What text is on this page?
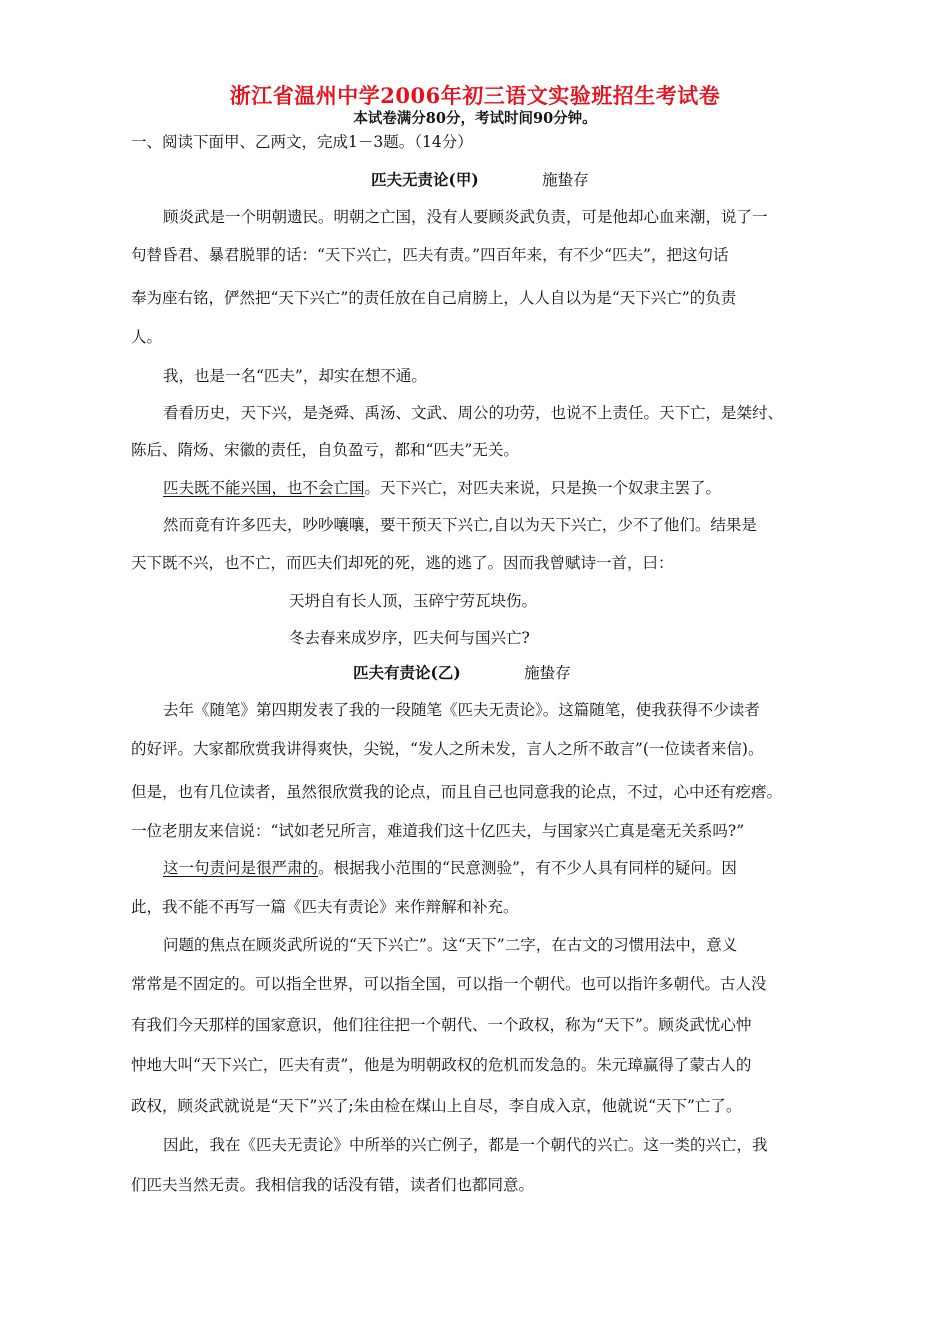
浙江省温州中学2006年初三语文实验班招生考试卷
本试卷满分80分，考试时间90分钟。
一、阅读下面甲、乙两文，完成1－3题。（14分）
匹夫无责论(甲)	施蛰存
顾炎武是一个明朝遗民。明朝之亡国，没有人要顾炎武负责，可是他却心血来潮，说了一
句替昏君、暴君脱罪的话：“天下兴亡，匹夫有责。”四百年来，有不少“匹夫”，把这句话
奉为座右铭，俨然把“天下兴亡”的责任放在自己肩膀上，人人自以为是“天下兴亡”的负责
人。
我，也是一名“匹夫”，却实在想不通。
看看历史，天下兴，是尧舜、禹汤、文武、周公的功劳，也说不上责任。天下亡，是桀纣、
陈后、隋炀、宋徽的责任，自负盈亏，都和“匹夫”无关。
匹夫既不能兴国，也不会亡国。天下兴亡，对匹夫来说，只是换一个奴隶主罢了。
然而竟有许多匹夫，吵吵嚷嚷，要干预天下兴亡,自以为天下兴亡，少不了他们。结果是
天下既不兴，也不亡，而匹夫们却死的死，逃的逃了。因而我曾赋诗一首，曰：
天坍自有长人顶，玉碎宁劳瓦块伤。
冬去春来成岁序，匹夫何与国兴亡?
匹夫有责论(乙)	施蛰存
去年《随笔》第四期发表了我的一段随笔《匹夫无责论》。这篇随笔，使我获得不少读者
的好评。大家都欣赏我讲得爽快，尖锐，“发人之所未发，言人之所不敢言”(一位读者来信)。
但是，也有几位读者，虽然很欣赏我的论点，而且自己也同意我的论点，不过，心中还有疙瘩。
一位老朋友来信说：“试如老兄所言，难道我们这十亿匹夫，与国家兴亡真是毫无关系吗?”
这一句责问是很严肃的。根据我小范围的“民意测验”，有不少人具有同样的疑问。因
此，我不能不再写一篇《匹夫有责论》来作辩解和补充。
问题的焦点在顾炎武所说的“天下兴亡”。这“天下”二字，在古文的习惯用法中，意义
常常是不固定的。可以指全世界，可以指全国，可以指一个朝代。也可以指许多朝代。古人没
有我们今天那样的国家意识，他们往往把一个朝代、一个政权，称为“天下”。顾炎武忧心忡
忡地大叫“天下兴亡，匹夫有责”，他是为明朝政权的危机而发急的。朱元璋赢得了蒙古人的
政权，顾炎武就说是“天下”兴了;朱由检在煤山上自尽，李自成入京，他就说“天下”亡了。
因此，我在《匹夫无责论》中所举的兴亡例子，都是一个朝代的兴亡。这一类的兴亡，我
们匹夫当然无责。我相信我的话没有错，读者们也都同意。
